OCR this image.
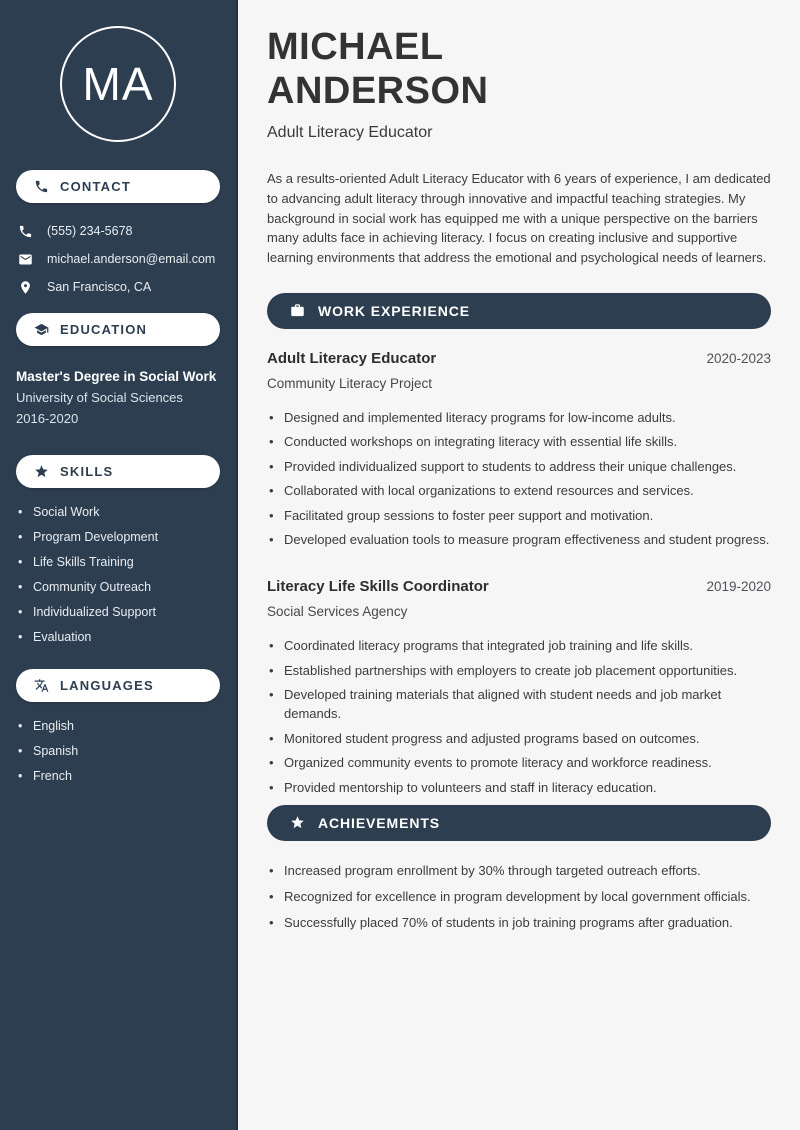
MA
CONTACT
(555) 234-5678
michael.anderson@email.com
San Francisco, CA
EDUCATION
Master's Degree in Social Work
University of Social Sciences
2016-2020
SKILLS
• Social Work
• Program Development
• Life Skills Training
• Community Outreach
• Individualized Support
• Evaluation
LANGUAGES
• English
• Spanish
• French
MICHAEL
ANDERSON
Adult Literacy Educator

As a results-oriented Adult Literacy Educator with 6 years of experience, I am dedicated to advancing adult literacy through innovative and impactful teaching strategies. My background in social work has equipped me with a unique perspective on the barriers many adults face in achieving literacy. I focus on creating inclusive and supportive learning environments that address the emotional and psychological needs of learners.

WORK EXPERIENCE
Adult Literacy Educator	2020-2023
Community Literacy Project
• Designed and implemented literacy programs for low-income adults.
• Conducted workshops on integrating literacy with essential life skills.
• Provided individualized support to students to address their unique challenges.
• Collaborated with local organizations to extend resources and services.
• Facilitated group sessions to foster peer support and motivation.
• Developed evaluation tools to measure program effectiveness and student progress.
Literacy Life Skills Coordinator	2019-2020
Social Services Agency
• Coordinated literacy programs that integrated job training and life skills.
• Established partnerships with employers to create job placement opportunities.
• Developed training materials that aligned with student needs and job market demands.
• Monitored student progress and adjusted programs based on outcomes.
• Organized community events to promote literacy and workforce readiness.
• Provided mentorship to volunteers and staff in literacy education.
ACHIEVEMENTS
• Increased program enrollment by 30% through targeted outreach efforts.
• Recognized for excellence in program development by local government officials.
• Successfully placed 70% of students in job training programs after graduation.
